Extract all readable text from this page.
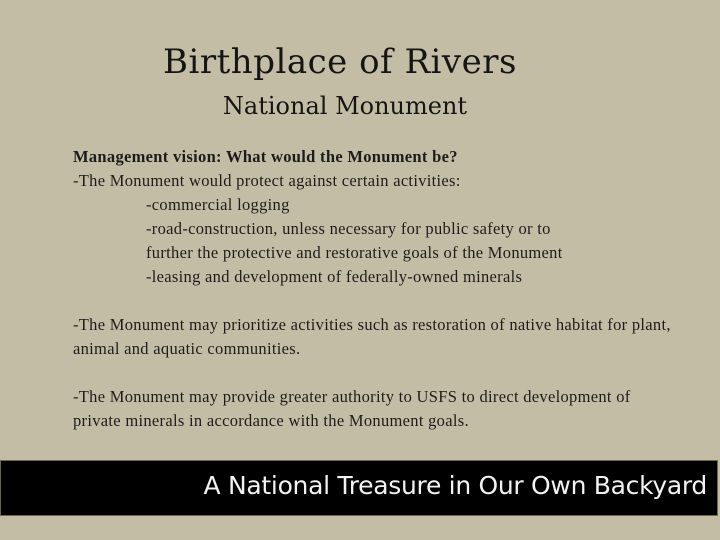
Birthplace of Rivers
National Monument

Management vision: What would the Monument be?

-The Monument would protect against certain activities:

-commercial logging

-road-construction, unless necessary for public safety or to

further the protective and restorative goals of the Monument

-leasing and development of federally-owned minerals

-The Monument may prioritize activities such as restoration of native habitat for plant, animal and aquatic communities.

-The Monument may provide greater authority to USFS to direct development of private minerals in accordance with the Monument goals.

A National Treasure in Our Own Backyard
